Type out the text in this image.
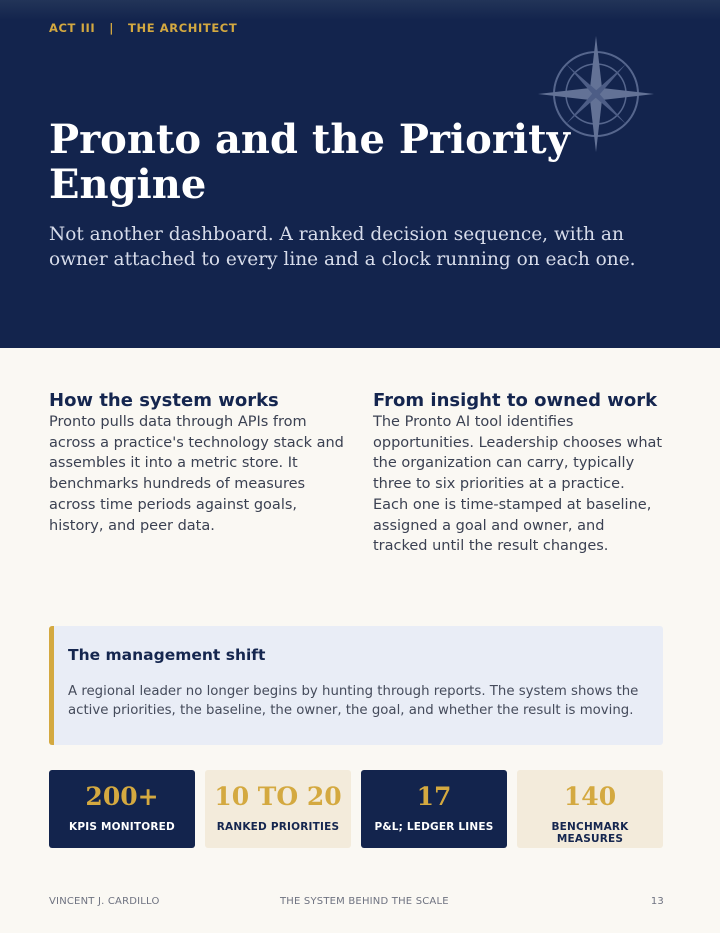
ACT III | THE ARCHITECT
Pronto and the Priority Engine

Not another dashboard. A ranked decision sequence, with an owner attached to every line and a clock running on each one.

How the system works

Pronto pulls data through APIs from across a practice's technology stack and assembles it into a metric store. It benchmarks hundreds of measures across time periods against goals, history, and peer data.

From insight to owned work

The Pronto AI tool identifies opportunities. Leadership chooses what the organization can carry, typically three to six priorities at a practice. Each one is time-stamped at baseline, assigned a goal and owner, and tracked until the result changes.

The management shift

A regional leader no longer begins by hunting through reports. The system shows the active priorities, the baseline, the owner, the goal, and whether the result is moving.

200+
KPIS MONITORED
10 TO 20
RANKED PRIORITIES
17
P&L; LEDGER LINES
140
BENCHMARK MEASURES
VINCENT J. CARDILLO	THE SYSTEM BEHIND THE SCALE	13
